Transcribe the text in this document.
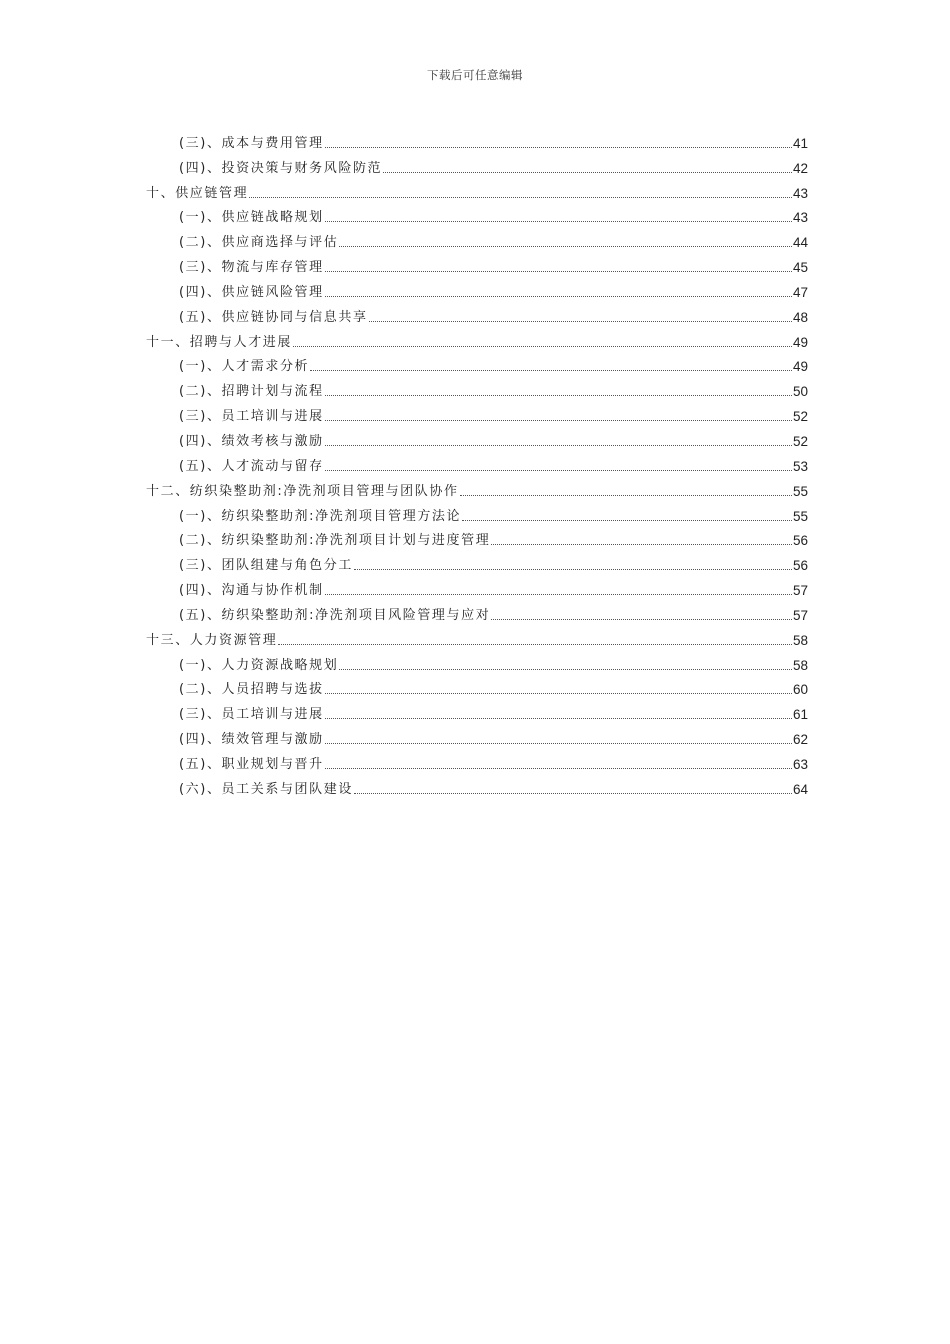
下载后可任意编辑
(三)、成本与费用管理	41
(四)、投资决策与财务风险防范	42
十、供应链管理	43
(一)、供应链战略规划	43
(二)、供应商选择与评估	44
(三)、物流与库存管理	45
(四)、供应链风险管理	47
(五)、供应链协同与信息共享	48
十一、招聘与人才进展	49
(一)、人才需求分析	49
(二)、招聘计划与流程	50
(三)、员工培训与进展	52
(四)、绩效考核与激励	52
(五)、人才流动与留存	53
十二、纺织染整助剂:净洗剂项目管理与团队协作	55
(一)、纺织染整助剂:净洗剂项目管理方法论	55
(二)、纺织染整助剂:净洗剂项目计划与进度管理	56
(三)、团队组建与角色分工	56
(四)、沟通与协作机制	57
(五)、纺织染整助剂:净洗剂项目风险管理与应对	57
十三、人力资源管理	58
(一)、人力资源战略规划	58
(二)、人员招聘与选拔	60
(三)、员工培训与进展	61
(四)、绩效管理与激励	62
(五)、职业规划与晋升	63
(六)、员工关系与团队建设	64
